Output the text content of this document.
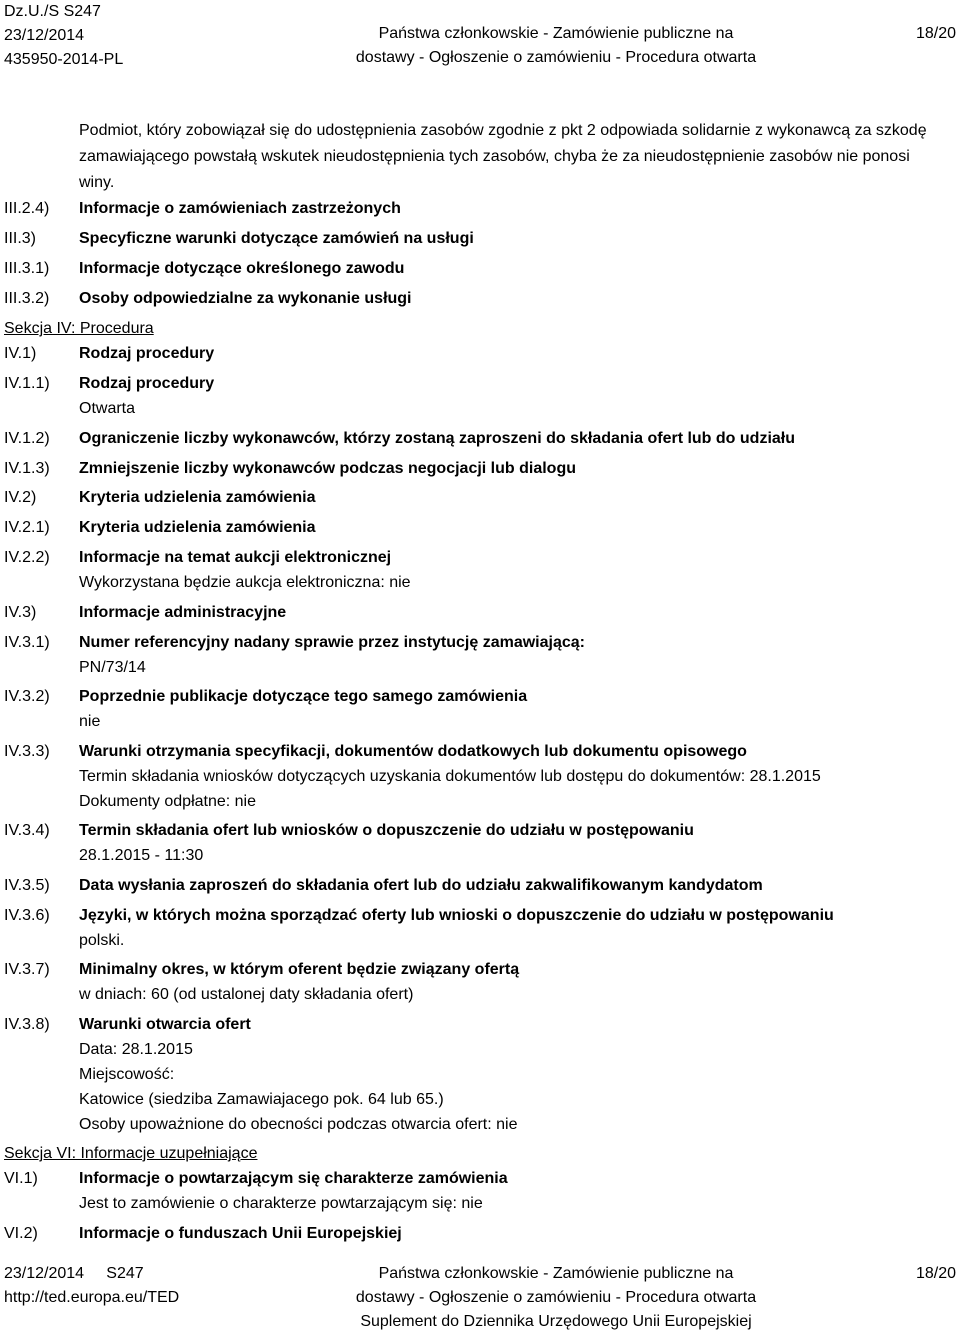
Dz.U./S S247
23/12/2014
435950-2014-PL
Państwa członkowskie - Zamówienie publiczne na
dostawy - Ogłoszenie o zamówieniu - Procedura otwarta
18/20
Podmiot, który zobowiązał się do udostępnienia zasobów zgodnie z pkt 2 odpowiada solidarnie z wykonawcą za szkodę zamawiającego powstałą wskutek nieudostępnienia tych zasobów, chyba że za nieudostępnienie zasobów nie ponosi winy.
III.2.4) Informacje o zamówieniach zastrzeżonych
III.3)	Specyficzne warunki dotyczące zamówień na usługi
III.3.1) Informacje dotyczące określonego zawodu
III.3.2) Osoby odpowiedzialne za wykonanie usługi
Sekcja IV: Procedura
IV.1)	Rodzaj procedury
IV.1.1) Rodzaj procedury
Otwarta
IV.1.2) Ograniczenie liczby wykonawców, którzy zostaną zaproszeni do składania ofert lub do udziału
IV.1.3) Zmniejszenie liczby wykonawców podczas negocjacji lub dialogu
IV.2)	Kryteria udzielenia zamówienia
IV.2.1) Kryteria udzielenia zamówienia
IV.2.2) Informacje na temat aukcji elektronicznej
Wykorzystana będzie aukcja elektroniczna: nie
IV.3)	Informacje administracyjne
IV.3.1) Numer referencyjny nadany sprawie przez instytucję zamawiającą:
PN/73/14
IV.3.2) Poprzednie publikacje dotyczące tego samego zamówienia
nie
IV.3.3) Warunki otrzymania specyfikacji, dokumentów dodatkowych lub dokumentu opisowego
Termin składania wniosków dotyczących uzyskania dokumentów lub dostępu do dokumentów: 28.1.2015
Dokumenty odpłatne: nie
IV.3.4) Termin składania ofert lub wniosków o dopuszczenie do udziału w postępowaniu
28.1.2015 - 11:30
IV.3.5) Data wysłania zaproszeń do składania ofert lub do udziału zakwalifikowanym kandydatom
IV.3.6) Języki, w których można sporządzać oferty lub wnioski o dopuszczenie do udziału w postępowaniu
polski.
IV.3.7) Minimalny okres, w którym oferent będzie związany ofertą
w dniach: 60 (od ustalonej daty składania ofert)
IV.3.8) Warunki otwarcia ofert
Data: 28.1.2015
Miejscowość:
Katowice (siedziba Zamawiajacego pok. 64 lub 65.)
Osoby upoważnione do obecności podczas otwarcia ofert: nie
Sekcja VI: Informacje uzupełniające
VI.1)	Informacje o powtarzającym się charakterze zamówienia
Jest to zamówienie o charakterze powtarzającym się: nie
VI.2)	Informacje o funduszach Unii Europejskiej
23/12/2014     S247
http://ted.europa.eu/TED
Państwa członkowskie - Zamówienie publiczne na
dostawy - Ogłoszenie o zamówieniu - Procedura otwarta
Suplement do Dziennika Urzędowego Unii Europejskiej
18/20
